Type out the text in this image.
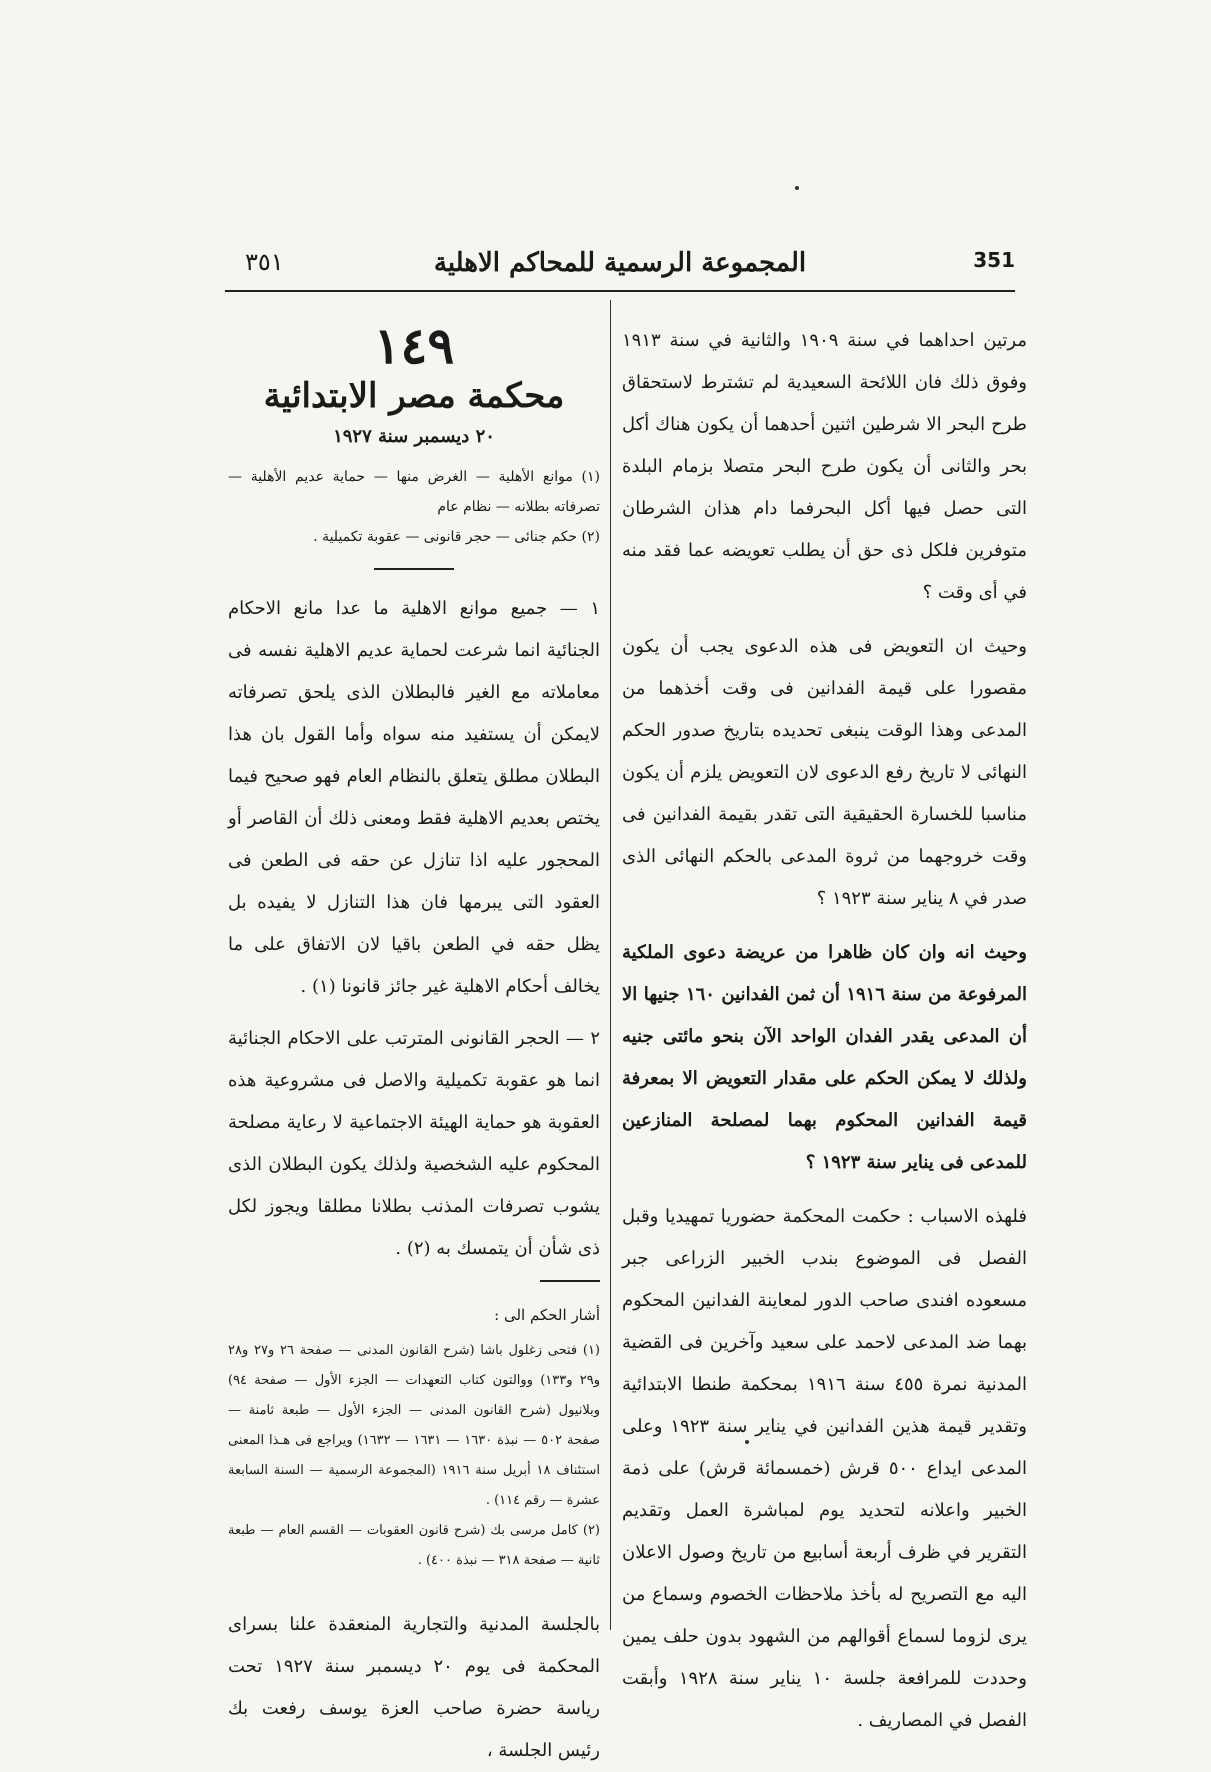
351
المجموعة الرسمية للمحاكم الاهلية
٣٥١

مرتين احداهما في سنة ١٩٠٩ والثانية في سنة ١٩١٣ وفوق ذلك فان اللائحة السعيدية لم تشترط لاستحقاق طرح البحر الا شرطين اثنين أحدهما أن يكون هناك أكل بحر والثانى أن يكون طرح البحر متصلا بزمام البلدة التى حصل فيها أكل البحرفما دام هذان الشرطان متوفرين فلكل ذى حق أن يطلب تعويضه عما فقد منه في أى وقت ؟

وحيث ان التعويض فى هذه الدعوى يجب أن يكون مقصورا على قيمة الفدانين فى وقت أخذهما من المدعى وهذا الوقت ينبغى تحديده بتاريخ صدور الحكم النهائى لا تاريخ رفع الدعوى لان التعويض يلزم أن يكون مناسبا للخسارة الحقيقية التى تقدر بقيمة الفدانين فى وقت خروجهما من ثروة المدعى بالحكم النهائى الذى صدر في ٨ يناير سنة ١٩٢٣ ؟

وحيث انه وان كان ظاهرا من عريضة دعوى الملكية المرفوعة من سنة ١٩١٦ أن ثمن الفدانين ١٦٠ جنيها الا أن المدعى يقدر الفدان الواحد الآن بنحو مائتى جنيه ولذلك لا يمكن الحكم على مقدار التعويض الا بمعرفة قيمة الفدانين المحكوم بهما لمصلحة المنازعين للمدعى فى يناير سنة ١٩٢٣ ؟

فلهذه الاسباب : حكمت المحكمة حضوريا تمهيديا وقبل الفصل فى الموضوع بندب الخبير الزراعى جبر مسعوده افندى صاحب الدور لمعاينة الفدانين المحكوم بهما ضد المدعى لاحمد على سعيد وآخرين فى القضية المدنية نمرة ٤٥٥ سنة ١٩١٦ بمحكمة طنطا الابتدائية وتقدير قيمة هذين الفدانين في يناير سنة ١٩٢٣ وعلى المدعى ايداع ٥٠٠ قرش (خمسمائة قرش) على ذمة الخبير واعلانه لتحديد يوم لمباشرة العمل وتقديم التقرير في ظرف أربعة أسابيع من تاريخ وصول الاعلان اليه مع التصريح له بأخذ ملاحظات الخصوم وسماع من يرى لزوما لسماع أقوالهم من الشهود بدون حلف يمين وحددت للمرافعة جلسة ١٠ يناير سنة ١٩٢٨ وأبقت الفصل في المصاريف .

١٤٩

محكمة مصر الابتدائية

٢٠ ديسمبر سنة ١٩٢٧

(١) موانع الأهلية — الغرض منها — حماية عديم الأهلية — تصرفاته بطلانه — نظام عام

(٢) حكم جنائى — حجر قانونى — عقوبة تكميلية .

١ — جميع موانع الاهلية ما عدا مانع الاحكام الجنائية انما شرعت لحماية عديم الاهلية نفسه فى معاملاته مع الغير فالبطلان الذى يلحق تصرفاته لايمكن أن يستفيد منه سواه وأما القول بان هذا البطلان مطلق يتعلق بالنظام العام فهو صحيح فيما يختص بعديم الاهلية فقط ومعنى ذلك أن القاصر أو المحجور عليه اذا تنازل عن حقه فى الطعن فى العقود التى يبرمها فان هذا التنازل لا يفيده بل يظل حقه في الطعن باقيا لان الاتفاق على ما يخالف أحكام الاهلية غير جائز قانونا (١) .

٢ — الحجر القانونى المترتب على الاحكام الجنائية انما هو عقوبة تكميلية والاصل فى مشروعية هذه العقوبة هو حماية الهيئة الاجتماعية لا رعاية مصلحة المحكوم عليه الشخصية ولذلك يكون البطلان الذى يشوب تصرفات المذنب بطلانا مطلقا ويجوز لكل ذى شأن أن يتمسك به (٢) .

أشار الحكم الى :

(١) فتحى زغلول باشا (شرح القانون المدنى — صفحة ٢٦ و٢٧ و٢٨ و٢٩ و١٣٣) ووالتون كتاب التعهدات — الجزء الأول — صفحة ٩٤) وبلانيول (شرح القانون المدنى — الجزء الأول — طبعة ثامنة — صفحة ٥٠٢ — نبذة ١٦٣٠ — ١٦٣١ — ١٦٣٢) ويراجع فى هـذا المعنى استئناف ١٨ أبريل سنة ١٩١٦ (المجموعة الرسمية — السنة السابعة عشرة — رقم ١١٤) .

(٢) كامل مرسى بك (شرح قانون العقوبات — القسم العام — طبعة ثانية — صفحة ٣١٨ — نبذة ٤٠٠) .

بالجلسة المدنية والتجارية المنعقدة علنا بسراى المحكمة فى يوم ٢٠ ديسمبر سنة ١٩٢٧ تحت رياسة حضرة صاحب العزة يوسف رفعت بك رئيس الجلسة ،
